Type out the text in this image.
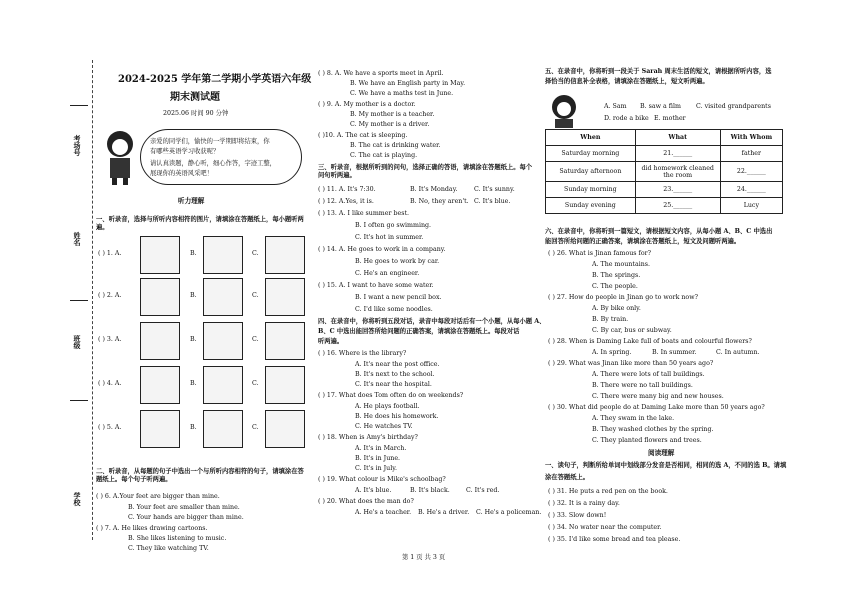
考场号
姓名
班级
学校
2024-2025 学年第二学期小学英语六年级
期末测试题
2025.06 时间 90 分钟
亲爱的同学们，愉快的一学期即将结束，你
有哪些英语学习收获呢？
请认真读题，静心听，细心作答，字迹工整，
展现你的英语风采吧！
听力理解
一、听录音，选择与所听内容相符的图片，请填涂在答题纸上，每小题听两遍。
( ) 1. A.	B.	C.
( ) 2. A.	B.	C.
( ) 3. A.	B.	C.
( ) 4. A.	B.	C.
( ) 5. A.	B.	C.
二、听录音，从每题的句子中选出一个与所听内容相符的句子，请填涂在答题纸上。每个句子听两遍。
( ) 6. A.Your feet are bigger than mine.
B. Your feet are smaller than mine.
C. Your hands are bigger than mine.
( ) 7. A. He likes drawing cartoons.
B. She likes listening to music.
C. They like watching TV.
( ) 8. A. We have a sports meet in April.
B. We have an English party in May.
C. We have a maths test in June.
( ) 9. A. My mother is a doctor.
B. My mother is a teacher.
C. My mother is a driver.
( )10. A. The cat is sleeping.
B. The cat is drinking water.
C. The cat is playing.
三、听录音，根据所听到的问句，选择正确的答语，请填涂在答题纸上。每个问句听两遍。
( ) 11. A. It's 7:30.	B. It's Monday.	C. It's sunny.
( ) 12. A.Yes, it is.	B. No, they aren't. C. It's blue.
( ) 13. A. I like summer best.
B. I often go swimming.
C. It's hot in summer.
( ) 14. A. He goes to work in a company.
B. He goes to work by car.
C. He's an engineer.
( ) 15. A. I want to have some water.
B. I want a new pencil box.
C. I'd like some noodles.
四、在录音中，你将听到五段对话，录音中每段对话后有一个小题，从每小题 A、
B、C 中选出能回答所给问题的正确答案，请填涂在答题纸上。每段对话
听两遍。
( ) 16. Where is the library?
A. It's near the post office.
B. It's next to the school.
C. It's near the hospital.
( ) 17. What does Tom often do on weekends?
A. He plays football.
B. He does his homework.
C. He watches TV.
( ) 18. When is Amy's birthday?
A. It's in March.
B. It's in June.
C. It's in July.
( ) 19. What colour is Mike's schoolbag?
A. It's blue.	B. It's black.	C. It's red.
( ) 20. What does the man do?
A. He's a teacher. B. He's a driver. C. He's a policeman.
第 1 页 共 3 页
五、在录音中，你将听到一段关于 Sarah 周末生活的短文，请根据所听内容，选
择恰当的信息补全表格，请填涂在答题纸上，短文听两遍。
A. Sam B. saw a film C. visited grandparents
D. rode a bike E. mother
When	What	With Whom
Saturday morning	21.______	father
Saturday afternoon	did homework cleaned the room	22.______
Sunday morning	23.______	24.______
Sunday evening	25.______	Lucy
六、在录音中，你将听到一篇短文，请根据短文内容，从每小题 A、B、C 中选出
能回答所给问题的正确答案，请填涂在答题纸上，短文及问题听两遍。
( ) 26. What is Jinan famous for?
A. The mountains.
B. The springs.
C. The people.
( ) 27. How do people in Jinan go to work now?
A. By bike only.
B. By train.
C. By car, bus or subway.
( ) 28. When is Daming Lake full of boats and colourful flowers?
A. In spring.	B. In summer.	C. In autumn.
( ) 29. What was Jinan like more than 50 years ago?
A. There were lots of tall buildings.
B. There were no tall buildings.
C. There were many big and new houses.
( ) 30. What did people do at Daming Lake more than 50 years ago?
A. They swam in the lake.
B. They washed clothes by the spring.
C. They planted flowers and trees.
阅读理解
一、读句子，判断所给单词中划线部分发音是否相同，相同的选 A，不同的选 B。请填
涂在答题纸上。
( ) 31. He puts a red pen on the book.
( ) 32. It is a rainy day.
( ) 33. Slow down!
( ) 34. No water near the computer.
( ) 35. I'd like some bread and tea please.
